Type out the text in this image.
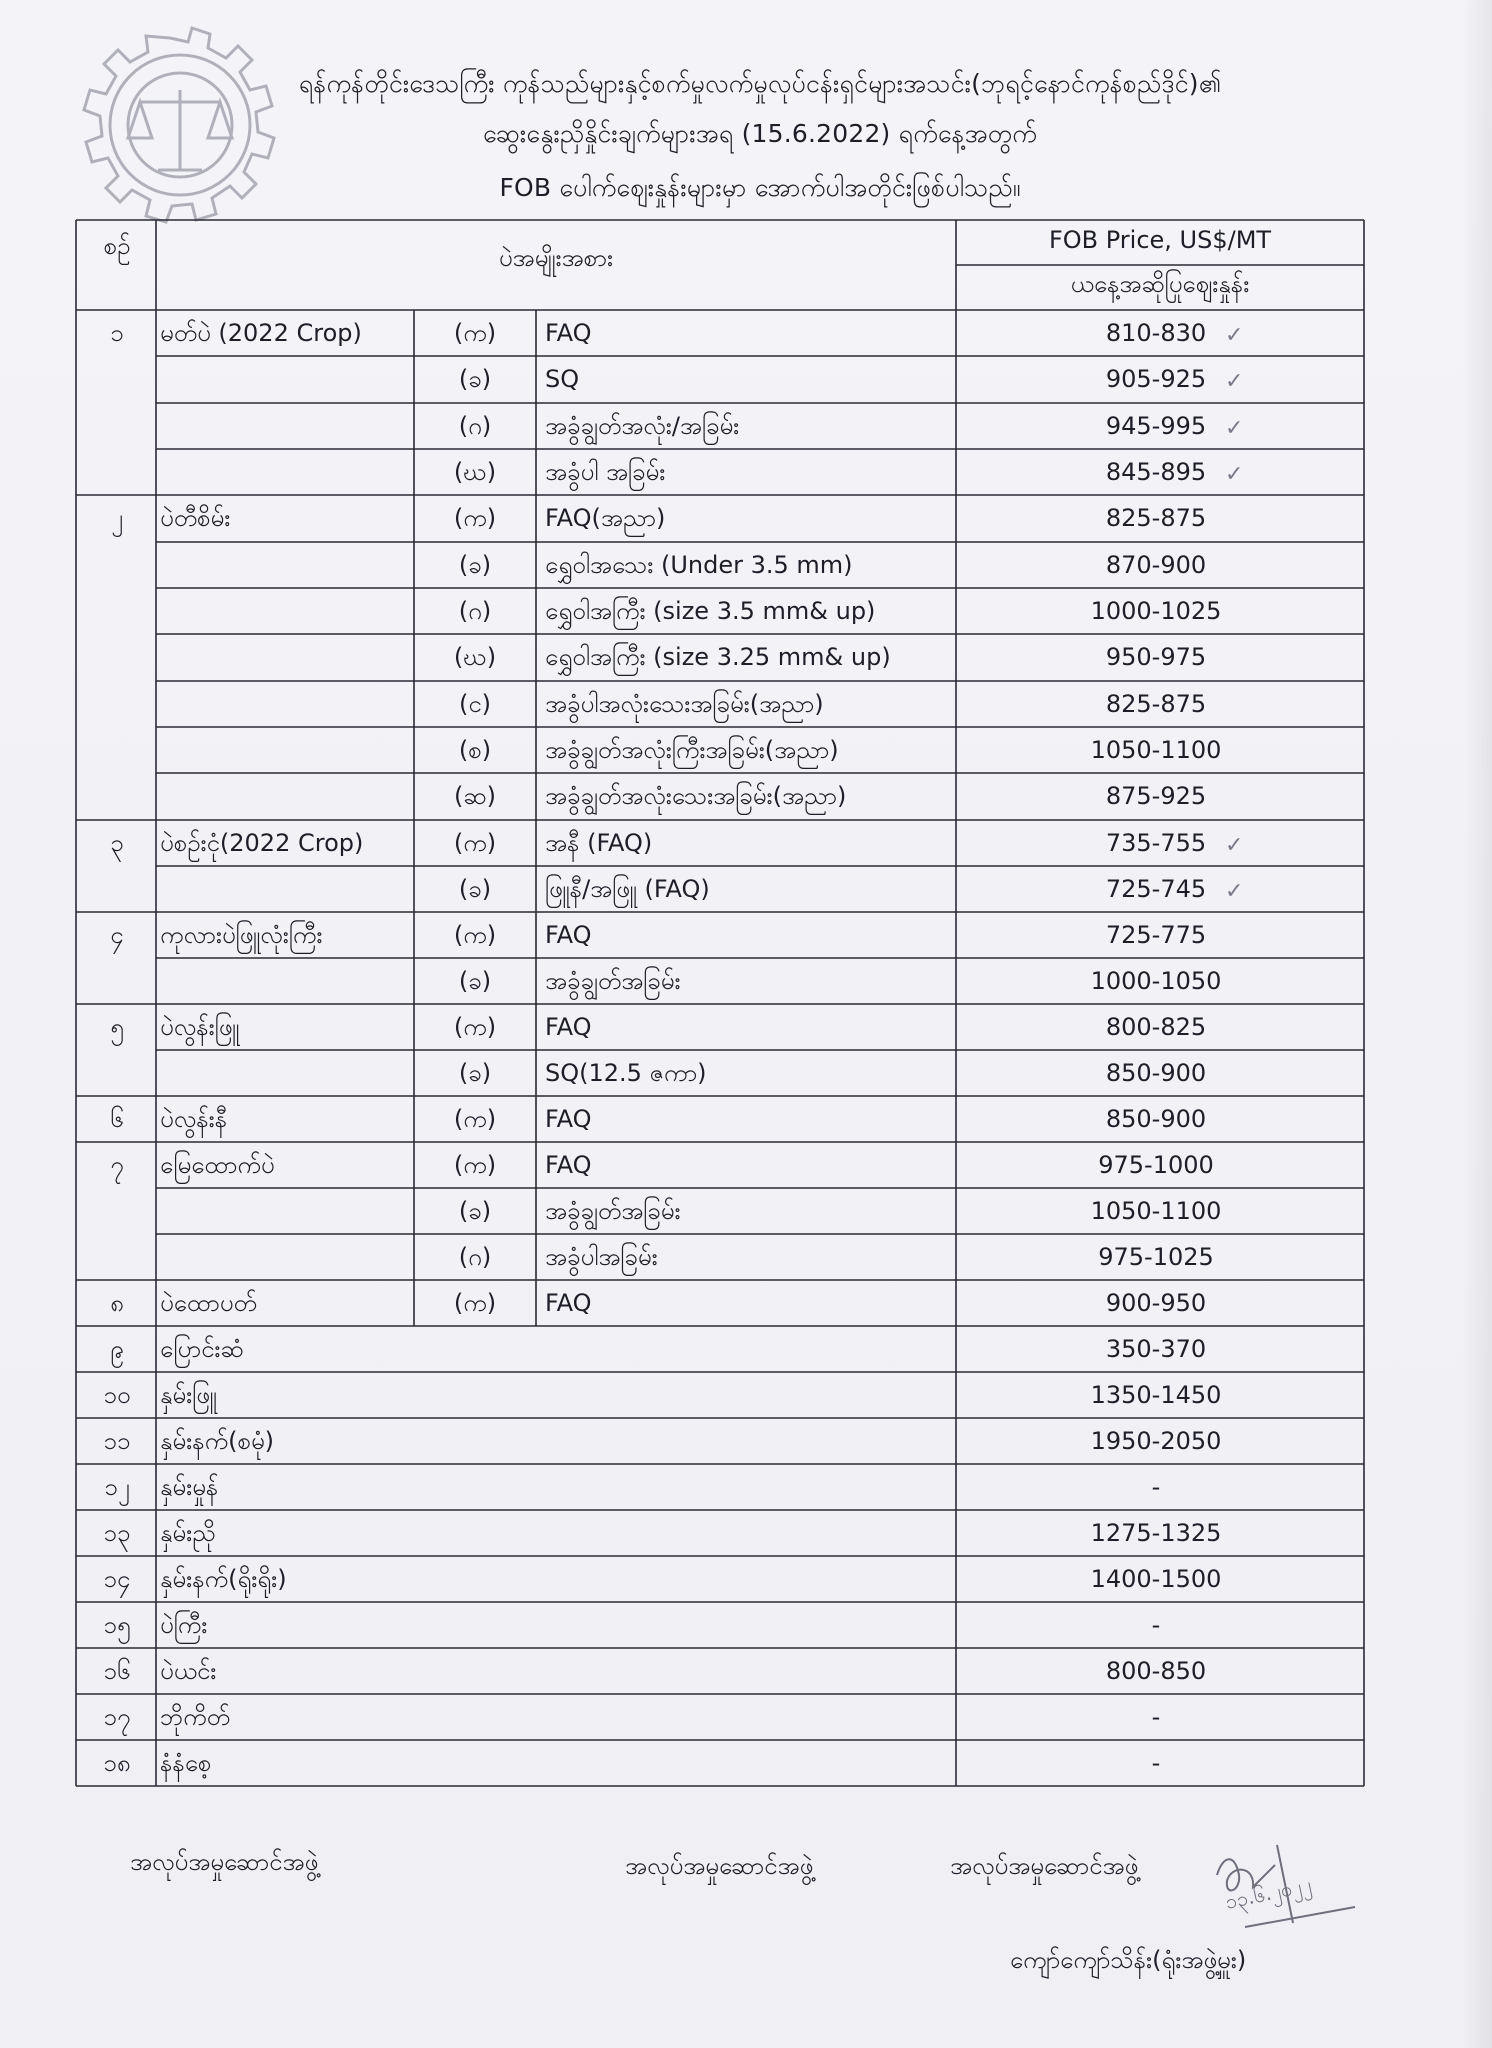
ရန်ကုန်တိုင်းဒေသကြီး ကုန်သည်များနှင့်စက်မှုလက်မှုလုပ်ငန်းရှင်များအသင်း(ဘုရင့်နောင်ကုန်စည်ဒိုင်)၏
ဆွေးနွေးညှိနှိုင်းချက်များအရ (15.6.2022) ရက်နေ့အတွက်
FOB ပေါက်ဈေးနှုန်းများမှာ အောက်ပါအတိုင်းဖြစ်ပါသည်။
စဉ်	ပဲအမျိုးအစား
FOB Price, US$/MT
ယနေ့အဆိုပြုဈေးနှုန်း
၁	မတ်ပဲ (2022 Crop)	(က)	FAQ	810-830 ✓
(ခ)	SQ	905-925 ✓
(ဂ)	အခွံချွတ်အလုံး/အခြမ်း	945-995 ✓
(ဃ)	အခွံပါ အခြမ်း	845-895 ✓
၂	ပဲတီစိမ်း	(က)	FAQ(အညာ)	825-875
(ခ)	ရွှေဝါအသေး (Under 3.5 mm)	870-900
(ဂ)	ရွှေဝါအကြီး (size 3.5 mm& up)	1000-1025
(ဃ)	ရွှေဝါအကြီး (size 3.25 mm& up)	950-975
(င)	အခွံပါအလုံးသေးအခြမ်း(အညာ)	825-875
(စ)	အခွံချွတ်အလုံးကြီးအခြမ်း(အညာ)	1050-1100
(ဆ)	အခွံချွတ်အလုံးသေးအခြမ်း(အညာ)	875-925
၃	ပဲစဥ်းငုံ(2022 Crop)	(က)	အနီ (FAQ)	735-755 ✓
(ခ)	ဖြူနီ/အဖြူ (FAQ)	725-745 ✓
၄	ကုလားပဲဖြူလုံးကြီး	(က)	FAQ	725-775
(ခ)	အခွံချွတ်အခြမ်း	1000-1050
၅	ပဲလွန်းဖြူ	(က)	FAQ	800-825
(ခ)	SQ(12.5 ဇကာ)	850-900
၆	ပဲလွန်းနီ	(က)	FAQ	850-900
၇	မြေထောက်ပဲ	(က)	FAQ	975-1000
(ခ)	အခွံချွတ်အခြမ်း	1050-1100
(ဂ)	အခွံပါအခြမ်း	975-1025
၈	ပဲထောပတ်	(က)	FAQ	900-950
၉	ပြောင်းဆံ	350-370
၁၀	နှမ်းဖြူ	1350-1450
၁၁	နှမ်းနက်(စမုံ)	1950-2050
၁၂	နှမ်းမှုန်	-
၁၃	နှမ်းညို	1275-1325
၁၄	နှမ်းနက်(ရိုးရိုး)	1400-1500
၁၅	ပဲကြီး	-
၁၆	ပဲယင်း	800-850
၁၇	ဘိုကိတ်	-
၁၈	နံနံစေ့	-
အလုပ်အမှုဆောင်အဖွဲ့	အလုပ်အမှုဆောင်အဖွဲ့	အလုပ်အမှုဆောင်အဖွဲ့
၁၃.၆.၂၀၂၂
ကျော်ကျော်သိန်း(ရုံးအဖွဲ့မှူး)
